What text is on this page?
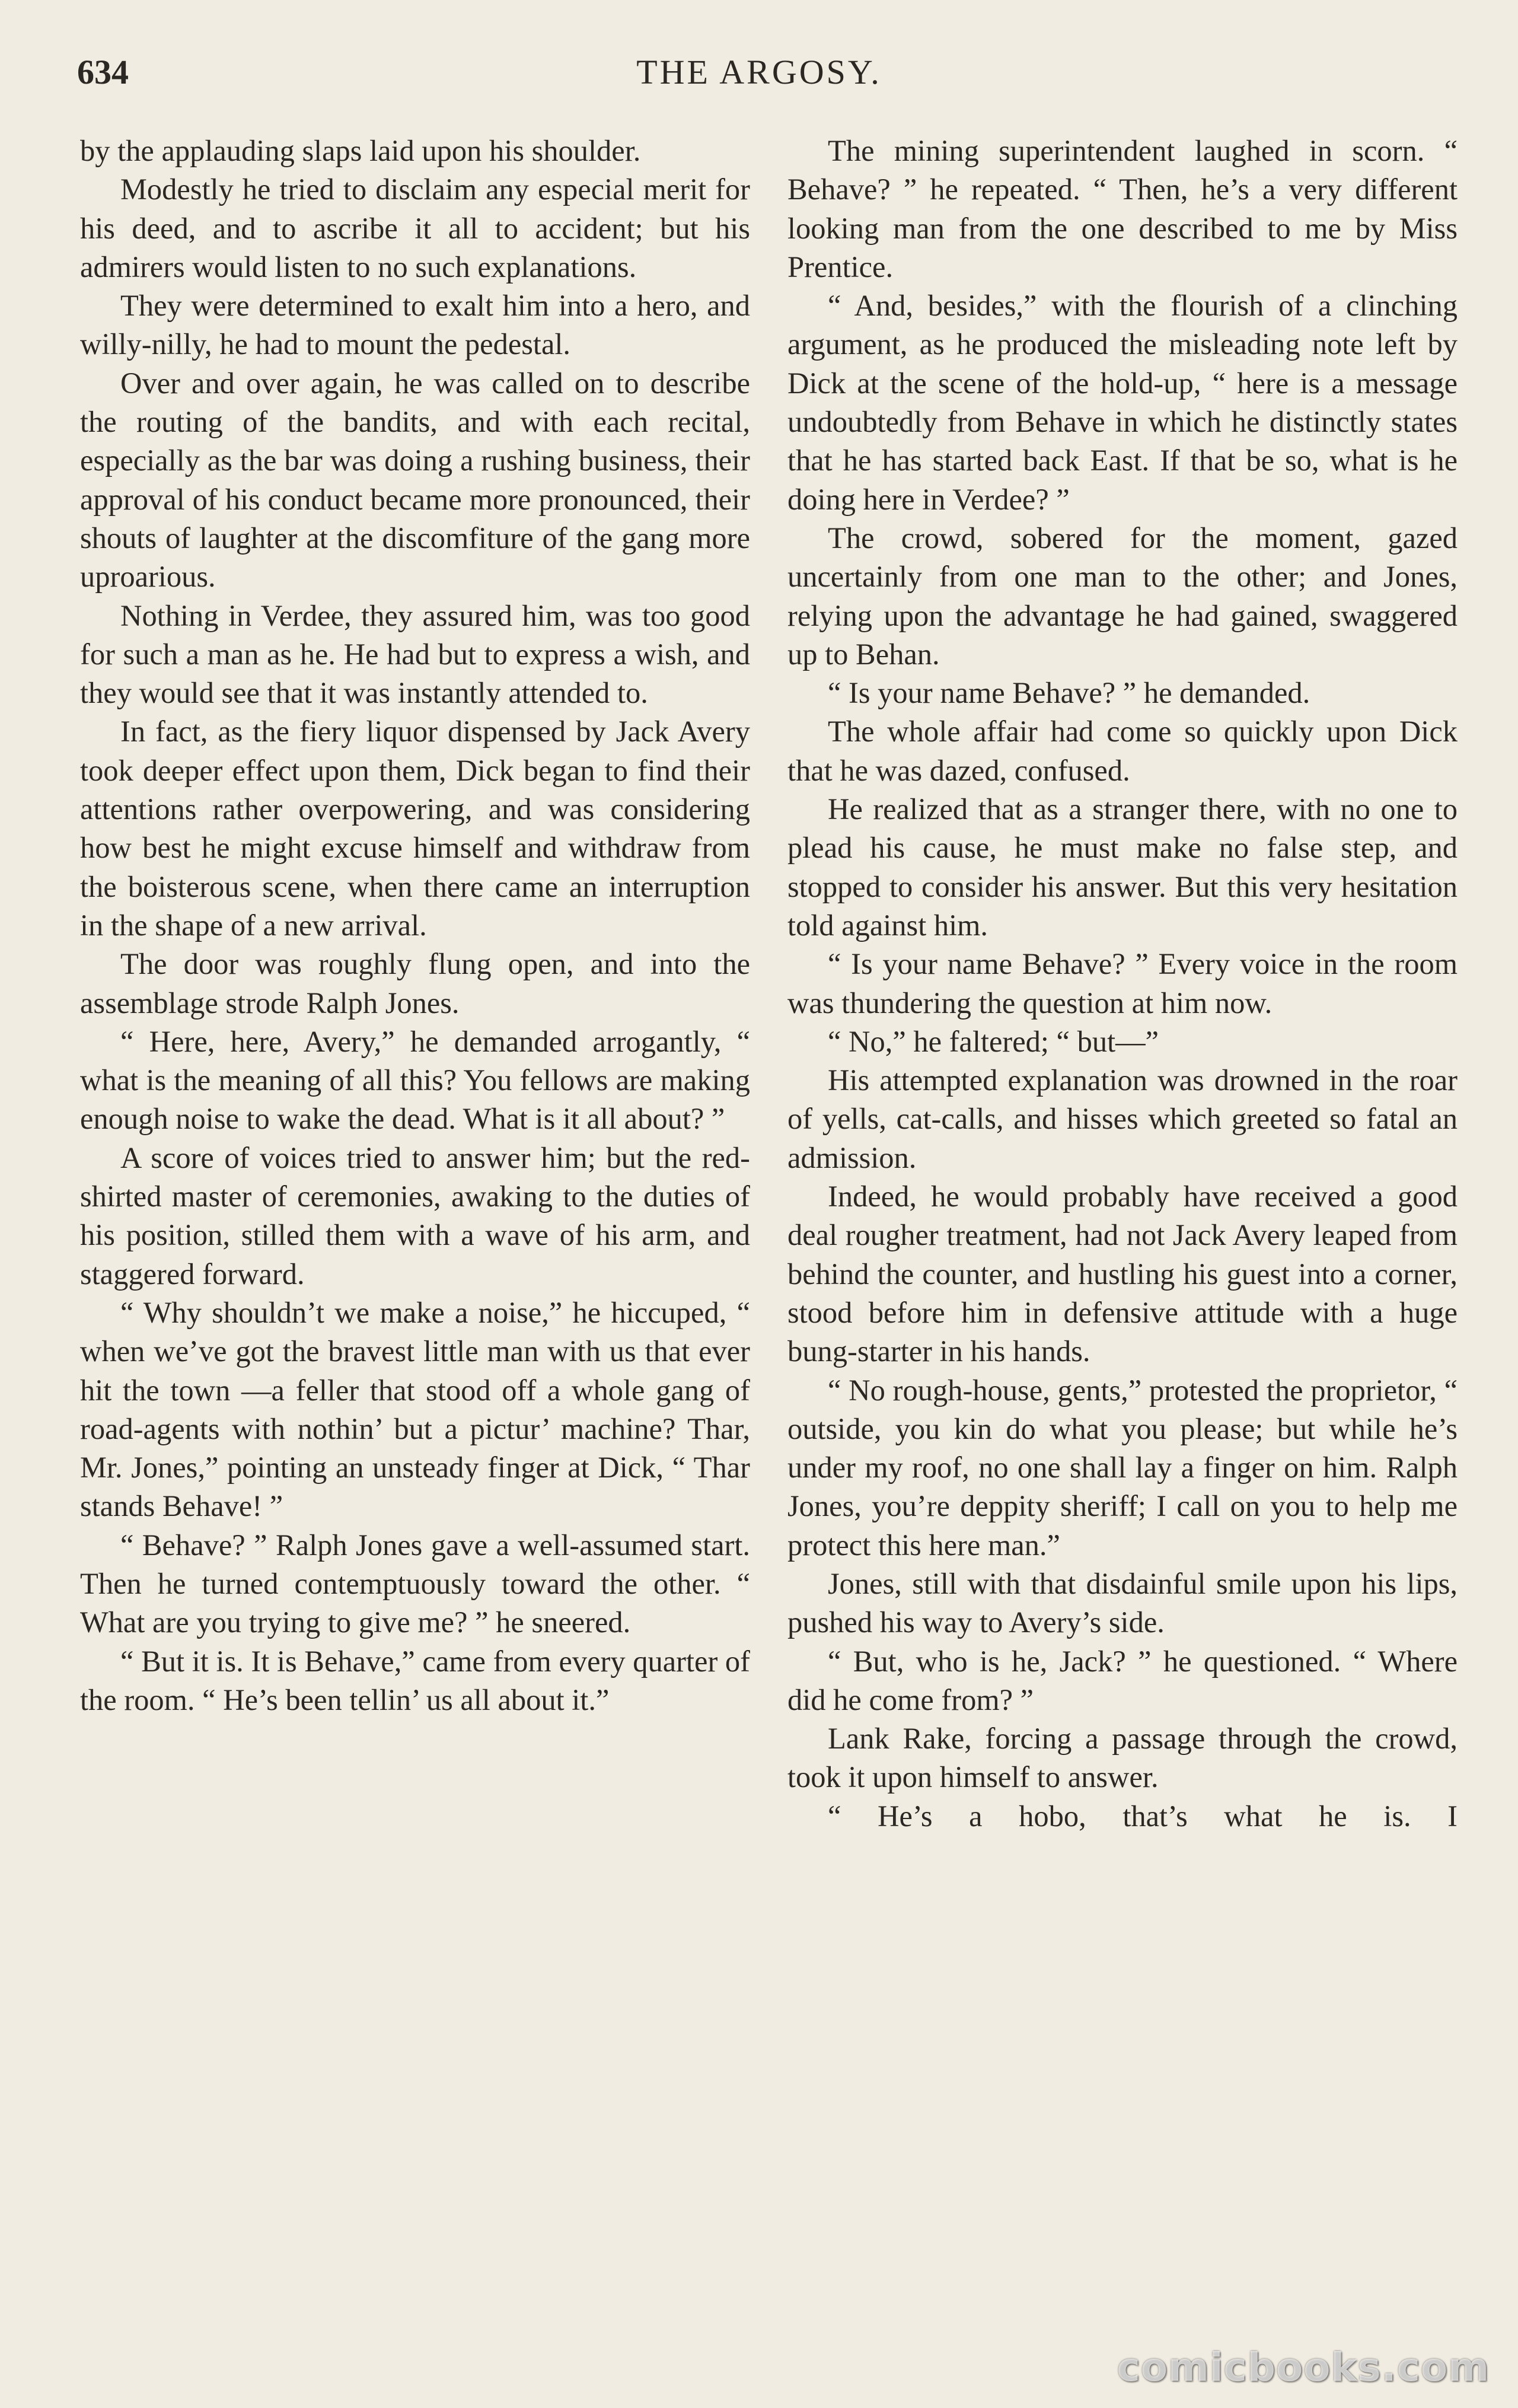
634	THE ARGOSY.

by the applauding slaps laid upon his shoulder.

Modestly he tried to disclaim any especial merit for his deed, and to ascribe it all to accident; but his admirers would listen to no such explanations.

They were determined to exalt him into a hero, and willy-nilly, he had to mount the pedestal.

Over and over again, he was called on to describe the routing of the bandits, and with each recital, especially as the bar was doing a rushing business, their approval of his conduct became more pronounced, their shouts of laughter at the discomfiture of the gang more uproarious.

Nothing in Verdee, they assured him, was too good for such a man as he. He had but to express a wish, and they would see that it was instantly attended to.

In fact, as the fiery liquor dispensed by Jack Avery took deeper effect upon them, Dick began to find their attentions rather overpowering, and was considering how best he might excuse himself and withdraw from the boisterous scene, when there came an interruption in the shape of a new arrival.

The door was roughly flung open, and into the assemblage strode Ralph Jones.

“ Here, here, Avery,” he demanded arrogantly, “ what is the meaning of all this? You fellows are making enough noise to wake the dead. What is it all about? ”

A score of voices tried to answer him; but the red-shirted master of ceremonies, awaking to the duties of his position, stilled them with a wave of his arm, and staggered forward.

“ Why shouldn’t we make a noise,” he hiccuped, “ when we’ve got the bravest little man with us that ever hit the town —a feller that stood off a whole gang of road-agents with nothin’ but a pictur’ machine? Thar, Mr. Jones,” pointing an unsteady finger at Dick, “ Thar stands Behave! ”

“ Behave? ” Ralph Jones gave a well-assumed start. Then he turned contemptuously toward the other. “ What are you trying to give me? ” he sneered.

“ But it is. It is Behave,” came from every quarter of the room. “ He’s been tellin’ us all about it.”

The mining superintendent laughed in scorn. “ Behave? ” he repeated. “ Then, he’s a very different looking man from the one described to me by Miss Prentice.

“ And, besides,” with the flourish of a clinching argument, as he produced the misleading note left by Dick at the scene of the hold-up, “ here is a message undoubtedly from Behave in which he distinctly states that he has started back East. If that be so, what is he doing here in Verdee? ”

The crowd, sobered for the moment, gazed uncertainly from one man to the other; and Jones, relying upon the advantage he had gained, swaggered up to Behan.

“ Is your name Behave? ” he demanded.

The whole affair had come so quickly upon Dick that he was dazed, confused.

He realized that as a stranger there, with no one to plead his cause, he must make no false step, and stopped to consider his answer. But this very hesitation told against him.

“ Is your name Behave? ” Every voice in the room was thundering the question at him now.

“ No,” he faltered; “ but—”

His attempted explanation was drowned in the roar of yells, cat-calls, and hisses which greeted so fatal an admission.

Indeed, he would probably have received a good deal rougher treatment, had not Jack Avery leaped from behind the counter, and hustling his guest into a corner, stood before him in defensive attitude with a huge bung-starter in his hands.

“ No rough-house, gents,” protested the proprietor, “ outside, you kin do what you please; but while he’s under my roof, no one shall lay a finger on him. Ralph Jones, you’re deppity sheriff; I call on you to help me protect this here man.”

Jones, still with that disdainful smile upon his lips, pushed his way to Avery’s side.

“ But, who is he, Jack? ” he questioned. “ Where did he come from? ”

Lank Rake, forcing a passage through the crowd, took it upon himself to answer.

“ He’s a hobo, that’s what he is. I

comicbooks.com
